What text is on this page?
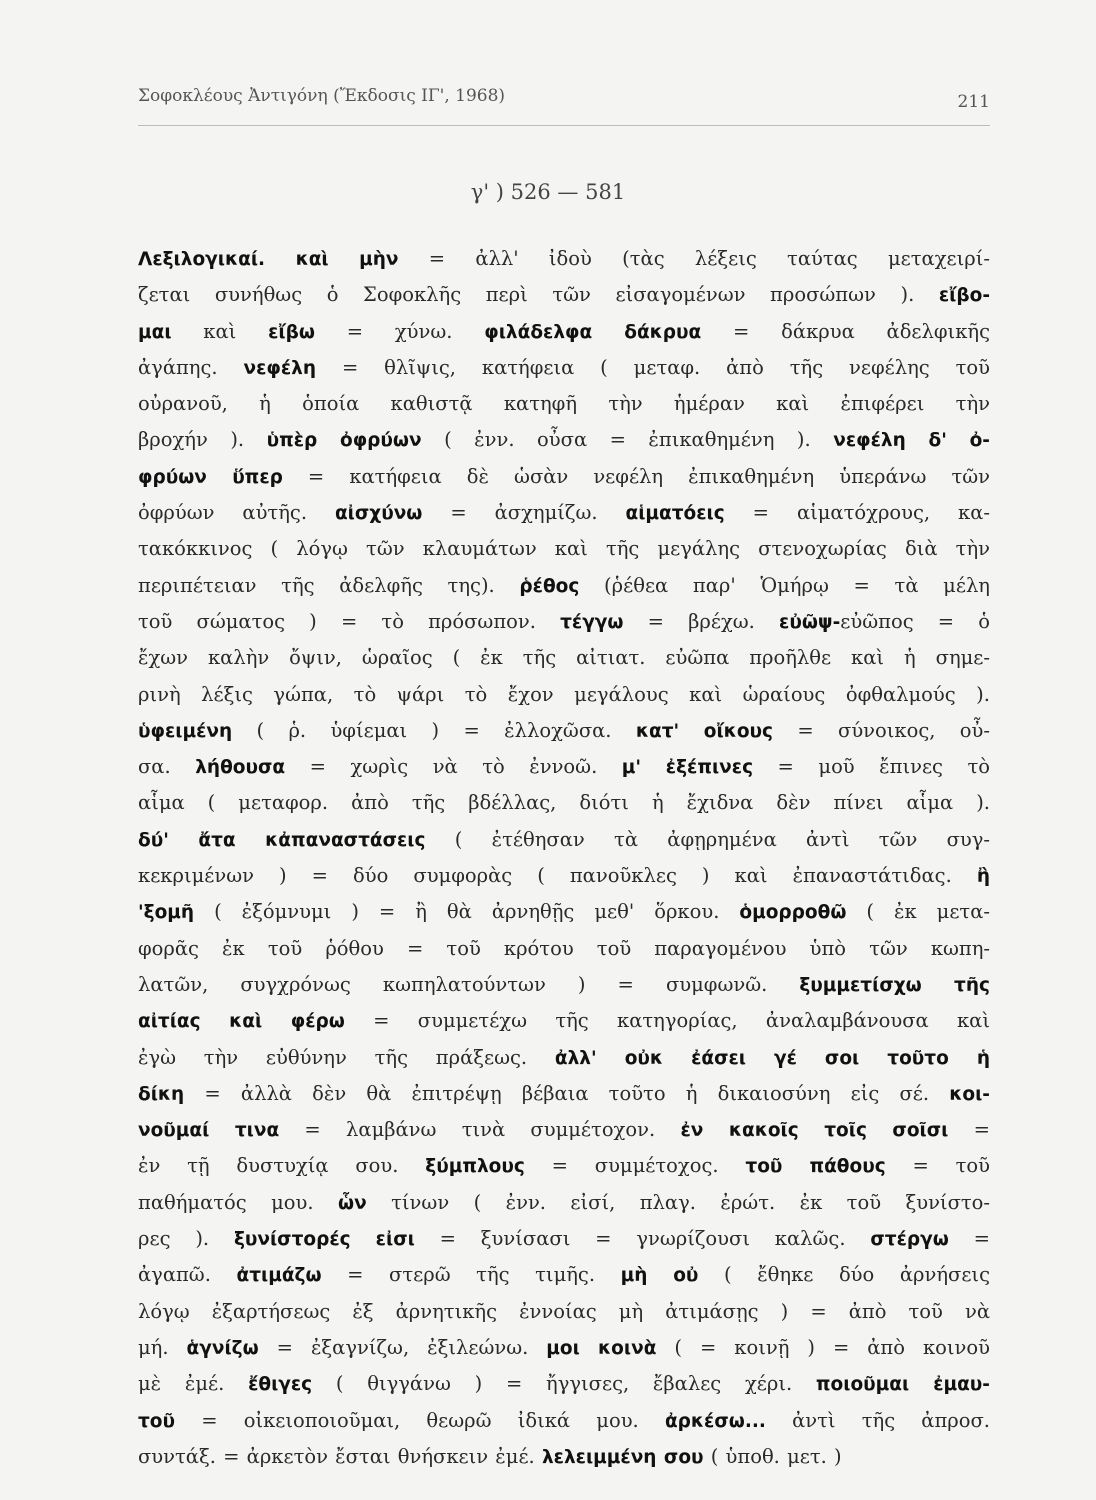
Σοφοκλέους Ἀντιγόνη (Ἔκδοσις ΙΓ', 1968)	211
γ' ) 526 — 581
Λεξιλογικαί. καὶ μὴν = ἀλλ' ἰδοὺ (τὰς λέξεις ταύτας μεταχειρί-
ζεται συνήθως ὁ Σοφοκλῆς περὶ τῶν εἰσαγομένων προσώπων ). εἴβο-
μαι καὶ εἴβω = χύνω. φιλάδελφα δάκρυα = δάκρυα ἀδελφικῆς
ἀγάπης. νεφέλη = θλῖψις, κατήφεια ( μεταφ. ἀπὸ τῆς νεφέλης τοῦ
οὐρανοῦ, ἡ ὁποία καθιστᾷ κατηφῆ τὴν ἡμέραν καὶ ἐπιφέρει τὴν
βροχήν ). ὑπὲρ ὀφρύων ( ἐνν. οὖσα = ἐπικαθημένη ). νεφέλη δ' ὀ-
φρύων ὕπερ = κατήφεια δὲ ὡσὰν νεφέλη ἐπικαθημένη ὑπεράνω τῶν
ὀφρύων αὐτῆς. αἰσχύνω = ἀσχημίζω. αἱματόεις = αἱματόχρους, κα-
τακόκκινος ( λόγῳ τῶν κλαυμάτων καὶ τῆς μεγάλης στενοχωρίας διὰ τὴν
περιπέτειαν τῆς ἀδελφῆς της). ῥέθος (ῥέθεα παρ' Ὁμήρῳ = τὰ μέλη
τοῦ σώματος ) = τὸ πρόσωπον. τέγγω = βρέχω. εὐῶψ-εὐῶπος = ὁ
ἔχων καλὴν ὄψιν, ὡραῖος ( ἐκ τῆς αἰτιατ. εὐῶπα προῆλθε καὶ ἡ σημε-
ρινὴ λέξις γώπα, τὸ ψάρι τὸ ἔχον μεγάλους καὶ ὡραίους ὀφθαλμούς ).
ὑφειμένη ( ῥ. ὑφίεμαι ) = ἐλλοχῶσα. κατ' οἴκους = σύνοικος, οὖ-
σα. λήθουσα = χωρὶς νὰ τὸ ἐννοῶ. μ' ἐξέπινες = μοῦ ἔπινες τὸ
αἷμα ( μεταφορ. ἀπὸ τῆς βδέλλας, διότι ἡ ἔχιδνα δὲν πίνει αἷμα ).
δύ' ἄτα κἀπαναστάσεις ( ἐτέθησαν τὰ ἀφῃρημένα ἀντὶ τῶν συγ-
κεκριμένων ) = δύο συμφορὰς ( πανοῦκλες ) καὶ ἐπαναστάτιδας. ἢ
'ξομῆ ( ἐξόμνυμι ) = ἢ θὰ ἀρνηθῇς μεθ' ὅρκου. ὁμορροθῶ ( ἐκ μετα-
φορᾶς ἐκ τοῦ ῥόθου = τοῦ κρότου τοῦ παραγομένου ὑπὸ τῶν κωπη-
λατῶν, συγχρόνως κωπηλατούντων ) = συμφωνῶ. ξυμμετίσχω τῆς
αἰτίας καὶ φέρω = συμμετέχω τῆς κατηγορίας, ἀναλαμβάνουσα καὶ
ἐγὼ τὴν εὐθύνην τῆς πράξεως. ἀλλ' οὐκ ἐάσει γέ σοι τοῦτο ἡ
δίκη = ἀλλὰ δὲν θὰ ἐπιτρέψῃ βέβαια τοῦτο ἡ δικαιοσύνη εἰς σέ. κοι-
νοῦμαί τινα = λαμβάνω τινὰ συμμέτοχον. ἐν κακοῖς τοῖς σοῖσι =
ἐν τῇ δυστυχίᾳ σου. ξύμπλους = συμμέτοχος. τοῦ πάθους = τοῦ
παθήματός μου. ὧν τίνων ( ἐνν. εἰσί, πλαγ. ἐρώτ. ἐκ τοῦ ξυνίστο-
ρες ). ξυνίστορές εἰσι = ξυνίσασι = γνωρίζουσι καλῶς. στέργω =
ἀγαπῶ. ἀτιμάζω = στερῶ τῆς τιμῆς. μὴ οὐ ( ἔθηκε δύο ἀρνήσεις
λόγῳ ἐξαρτήσεως ἐξ ἀρνητικῆς ἐννοίας μὴ ἀτιμάσῃς ) = ἀπὸ τοῦ νὰ
μή. ἁγνίζω = ἐξαγνίζω, ἐξιλεώνω. μοι κοινὰ ( = κοινῇ ) = ἀπὸ κοινοῦ
μὲ ἐμέ. ἔθιγες ( θιγγάνω ) = ἤγγισες, ἔβαλες χέρι. ποιοῦμαι ἐμαυ-
τοῦ = οἰκειοποιοῦμαι, θεωρῶ ἰδικά μου. ἀρκέσω... ἀντὶ τῆς ἀπροσ.
συντάξ. = ἀρκετὸν ἔσται θνήσκειν ἐμέ. λελειμμένη σου ( ὑποθ. μετ. )
